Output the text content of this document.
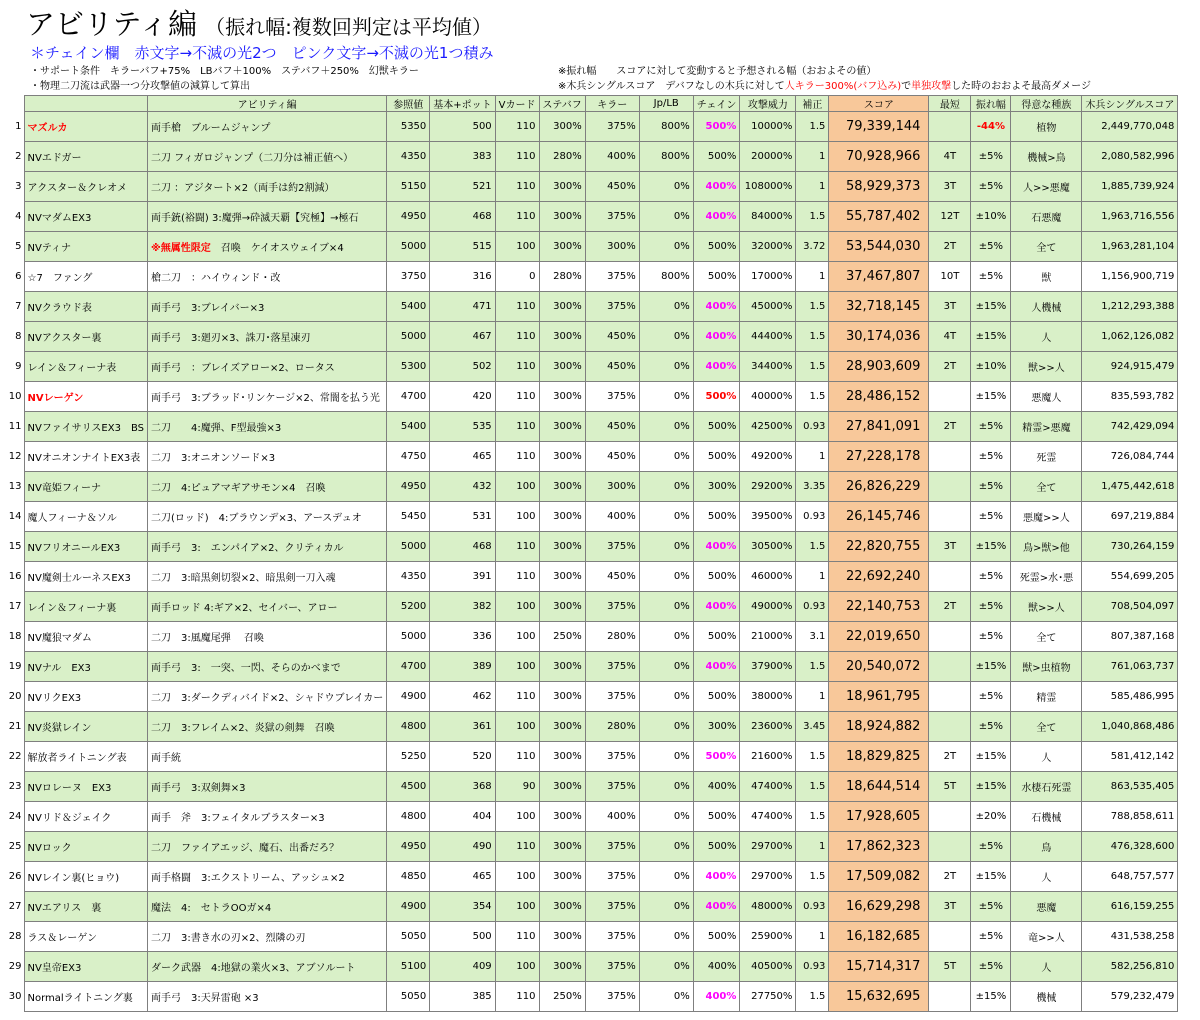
アビリティ編 （振れ幅:複数回判定は平均値）
＊チェイン欄　赤文字→不滅の光2つ　ピンク文字→不滅の光1つ積み
・サポート条件　キラーバフ+75%　LBバフ＋100%　ステバフ＋250%　幻獣キラー
・物理二刀流は武器一つ分攻撃値の減算して算出
※振れ幅　　スコアに対して変動すると予想される幅（おおよその値）
※木兵シングルスコア　デバフなしの木兵に対して人キラー300%(バフ込み)で単独攻撃した時のおおよそ最高ダメージ
		アビリティ編	参照値	基本+ポット	Vカード	ステバフ	キラー	Jp/LB	チェイン	攻撃威力	補正	スコア	最短	振れ幅	得意な種族	木兵シングルスコア
1	マズルカ	両手槍　ブルームジャンプ	5350	500	110	300%	375%	800%	500%	10000%	1.5	79,339,144		-44%	植物	2,449,770,048
2	NVエドガー	二刀 フィガロジャンプ（二刀分は補正値へ）	4350	383	110	280%	400%	800%	500%	20000%	1	70,928,966	4T	±5%	機械>鳥	2,080,582,996
3	アクスター＆クレオメ	二刀 ：アジタート×2（両手は約2割減）	5150	521	110	300%	450%	0%	400%	108000%	1	58,929,373	3T	±5%	人>>悪魔	1,885,739,924
4	NVマダムEX3	両手銃(裕闘) 3:魔弾→砕滅天覇【究極】→極石	4950	468	110	300%	375%	0%	400%	84000%	1.5	55,787,402	12T	±10%	石悪魔	1,963,716,556
5	NVティナ	※無属性限定　召喚　ケイオスウェイブ×4	5000	515	100	300%	300%	0%	500%	32000%	3.72	53,544,030	2T	±5%	全て	1,963,281,104
6	☆7　ファング	槍二刀　：ハイウィンド・改	3750	316	0	280%	375%	800%	500%	17000%	1	37,467,807	10T	±5%	獣	1,156,900,719
7	NVクラウド表	両手弓　3:ブレイバー×3	5400	471	110	300%	375%	0%	400%	45000%	1.5	32,718,145	3T	±15%	人機械	1,212,293,388
8	NVアクスター裏	両手弓　3:廻刃×3、誅刀･落星凍刃	5000	467	110	300%	450%	0%	400%	44400%	1.5	30,174,036	4T	±15%	人	1,062,126,082
9	レイン＆フィーナ表	両手弓　：ブレイズアロー×2、ロータス	5300	502	110	300%	450%	0%	400%	34400%	1.5	28,903,609	2T	±10%	獣>>人	924,915,479
10	NVレーゲン	両手弓　3:ブラッド･リンケージ×2、常闇を払う光	4700	420	110	300%	375%	0%	500%	40000%	1.5	28,486,152		±15%	悪魔人	835,593,782
11	NVファイサリスEX3　BS	二刀　　4:魔弾、F型最強×3	5400	535	110	300%	450%	0%	500%	42500%	0.93	27,841,091	2T	±5%	精霊>悪魔	742,429,094
12	NVオニオンナイトEX3表	二刀　3:オニオンソード×3	4750	465	110	300%	450%	0%	500%	49200%	1	27,228,178		±5%	死霊	726,084,744
13	NV竜姫フィーナ	二刀　4:ピュアマギアサモン×4　召喚	4950	432	100	300%	300%	0%	300%	29200%	3.35	26,826,229		±5%	全て	1,475,442,618
14	魔人フィーナ＆ソル	二刀(ロッド)　4:ブラウンデ×3、アースデュオ	5450	531	100	300%	400%	0%	500%	39500%	0.93	26,145,746		±5%	悪魔>>人	697,219,884
15	NVフリオニールEX3	両手弓　3:　エンパイア×2、クリティカル	5000	468	110	300%	375%	0%	400%	30500%	1.5	22,820,755	3T	±15%	鳥>獣>他	730,264,159
16	NV魔剣士ルーネスEX3	二刀　3:暗黒剣切裂×2、暗黒剣一刀入魂	4350	391	110	300%	450%	0%	500%	46000%	1	22,692,240		±5%	死霊>水･悪	554,699,205
17	レイン＆フィーナ裏	両手ロッド 4:ギア×2、セイバー、アロー	5200	382	100	300%	375%	0%	400%	49000%	0.93	22,140,753	2T	±5%	獣>>人	708,504,097
18	NV魔狼マダム	二刀　3:風魔尾弾　 召喚	5000	336	100	250%	280%	0%	500%	21000%	3.1	22,019,650		±5%	全て	807,387,168
19	NVナル　EX3	両手弓　3:　一突、一閃、そらのかべまで	4700	389	100	300%	375%	0%	400%	37900%	1.5	20,540,072		±15%	獣>虫植物	761,063,737
20	NVリクEX3	二刀　3:ダークディバイド×2、シャドウブレイカー	4900	462	110	300%	375%	0%	500%	38000%	1	18,961,795		±5%	精霊	585,486,995
21	NV炎獄レイン	二刀　3:フレイム×2、炎獄の剣舞　召喚	4800	361	100	300%	280%	0%	300%	23600%	3.45	18,924,882		±5%	全て	1,040,868,486
22	解放者ライトニング表	両手統	5250	520	110	300%	375%	0%	500%	21600%	1.5	18,829,825	2T	±15%	人	581,412,142
23	NVロレーヌ　EX3	両手弓　3:双剣舞×3	4500	368	90	300%	375%	0%	400%	47400%	1.5	18,644,514	5T	±15%	水棲石死霊	863,535,405
24	NVリド＆ジェイク	両手　斧　3:フェイタルブラスター×3	4800	404	100	300%	400%	0%	500%	47400%	1.5	17,928,605		±20%	石機械	788,858,611
25	NVロック	二刀　ファイアエッジ、魔石、出番だろ？	4950	490	110	300%	375%	0%	500%	29700%	1	17,862,323		±5%	鳥	476,328,600
26	NVレイン裏(ヒョウ)	両手格闘　3:エクストリーム、アッシュ×2	4850	465	100	300%	375%	0%	400%	29700%	1.5	17,509,082	2T	±15%	人	648,757,577
27	NVエアリス　裏	魔法　4:　セトラOOガ×4	4900	354	100	300%	375%	0%	400%	48000%	0.93	16,629,298	3T	±5%	悪魔	616,159,255
28	ラス＆レーゲン	二刀　3:書き水の刃×2、烈隣の刃	5050	500	110	300%	375%	0%	500%	25900%	1	16,182,685		±5%	竜>>人	431,538,258
29	NV皇帝EX3	ダーク武器　4:地獄の業火×3、アブソルート	5100	409	100	300%	375%	0%	400%	40500%	0.93	15,714,317	5T	±5%	人	582,256,810
30	Normalライトニング裏	両手弓　3:天昇雷砲 ×3	5050	385	110	250%	375%	0%	400%	27750%	1.5	15,632,695		±15%	機械	579,232,479
